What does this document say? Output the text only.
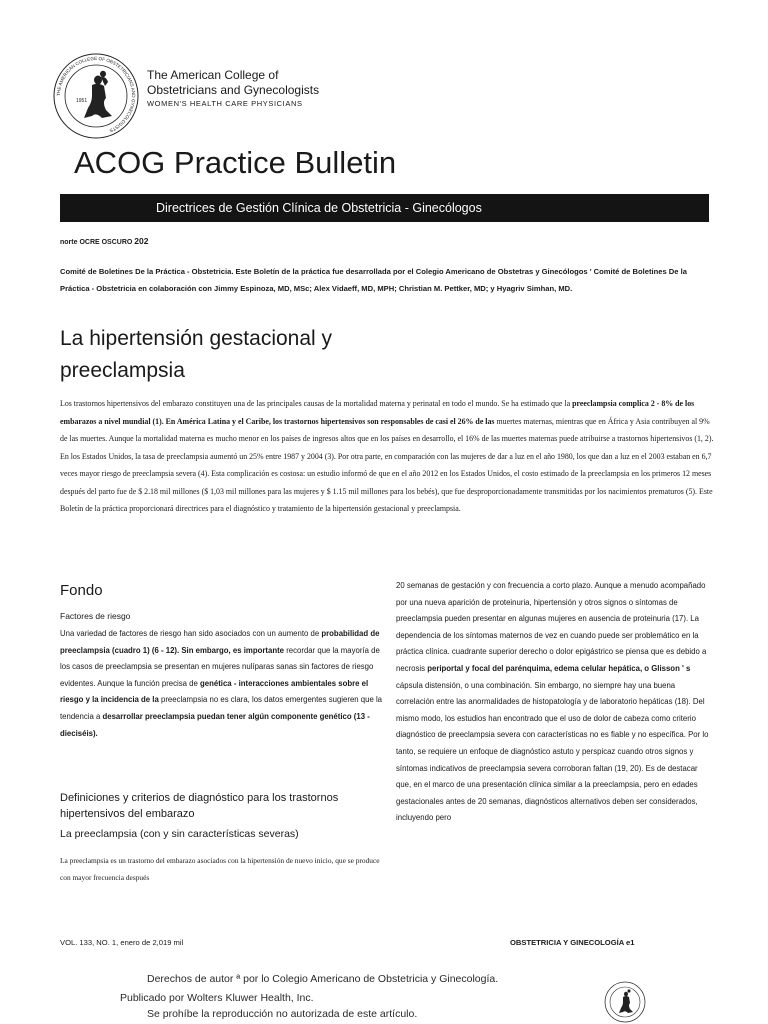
THE AMERICAN COLLEGE OF OBSTETRICIANS AND GYNECOLOGISTS
1951
The American College of
Obstetricians and Gynecologists
WOMEN'S HEALTH CARE PHYSICIANS
ACOG Practice Bulletin
Directrices de Gestión Clínica de Obstetricia - Ginecólogos
norte OCRE OSCURO 202
Comité de Boletines De la Práctica - Obstetricia. Este Boletín de la práctica fue desarrollada por el Colegio Americano de Obstetras y Ginecólogos ' Comité de Boletines De la Práctica - Obstetricia en colaboración con Jimmy Espinoza, MD, MSc; Alex Vidaeff, MD, MPH; Christian M. Pettker, MD; y Hyagriv Simhan, MD.
La hipertensión gestacional y preeclampsia
Los trastornos hipertensivos del embarazo constituyen una de las principales causas de la mortalidad materna y perinatal en todo el mundo. Se ha estimado que la preeclampsia complica 2 - 8% de los embarazos a nivel mundial (1). En América Latina y el Caribe, los trastornos hipertensivos son responsables de casi el 26% de las muertes maternas, mientras que en África y Asia contribuyen al 9% de las muertes. Aunque la mortalidad materna es mucho menor en los países de ingresos altos que en los países en desarrollo, el 16% de las muertes maternas puede atribuirse a trastornos hipertensivos (1, 2). En los Estados Unidos, la tasa de preeclampsia aumentó un 25% entre 1987 y 2004 (3). Por otra parte, en comparación con las mujeres de dar a luz en el año 1980, los que dan a luz en el 2003 estaban en 6,7 veces mayor riesgo de preeclampsia severa (4). Esta complicación es costosa: un estudio informó de que en el año 2012 en los Estados Unidos, el costo estimado de la preeclampsia en los primeros 12 meses después del parto fue de $ 2.18 mil millones ($ 1,03 mil millones para las mujeres y $ 1.15 mil millones para los bebés), que fue desproporcionadamente transmitidas por los nacimientos prematuros (5). Este Boletín de la práctica proporcionará directrices para el diagnóstico y tratamiento de la hipertensión gestacional y preeclampsia.
Fondo
Factores de riesgo
Una variedad de factores de riesgo han sido asociados con un aumento de probabilidad de preeclampsia (cuadro 1) (6 - 12). Sin embargo, es importante recordar que la mayoría de los casos de preeclampsia se presentan en mujeres nulíparas sanas sin factores de riesgo evidentes. Aunque la función precisa de genética - interacciones ambientales sobre el riesgo y la incidencia de la preeclampsia no es clara, los datos emergentes sugieren que la tendencia a desarrollar preeclampsia puedan tener algún componente genético (13 - dieciséis).
Definiciones y criterios de diagnóstico para los trastornos hipertensivos del embarazo
La preeclampsia (con y sin características severas)
La preeclampsia es un trastorno del embarazo asociados con la hipertensión de nuevo inicio, que se produce con mayor frecuencia después
20 semanas de gestación y con frecuencia a corto plazo. Aunque a menudo acompañado por una nueva aparición de proteinuria, hipertensión y otros signos o síntomas de preeclampsia pueden presentar en algunas mujeres en ausencia de proteinuria (17). La dependencia de los síntomas maternos de vez en cuando puede ser problemático en la práctica clínica. cuadrante superior derecho o dolor epigástrico se piensa que es debido a necrosis periportal y focal del parénquima, edema celular hepática, o Glisson ' s cápsula distensión, o una combinación. Sin embargo, no siempre hay una buena correlación entre las anormalidades de histopatología y de laboratorio hepáticas (18). Del mismo modo, los estudios han encontrado que el uso de dolor de cabeza como criterio diagnóstico de preeclampsia severa con características no es fiable y no específica. Por lo tanto, se requiere un enfoque de diagnóstico astuto y perspicaz cuando otros signos y síntomas indicativos de preeclampsia severa corroboran faltan (19, 20). Es de destacar que, en el marco de una presentación clínica similar a la preeclampsia, pero en edades gestacionales antes de 20 semanas, diagnósticos alternativos deben ser considerados, incluyendo pero
VOL. 133, NO. 1, enero de 2,019 mil	OBSTETRICIA Y GINECOLOGÍA e1
Derechos de autor ª por lo Colegio Americano de Obstetricia y Ginecología.
Publicado por Wolters Kluwer Health, Inc.
Se prohíbe la reproducción no autorizada de este artículo.
